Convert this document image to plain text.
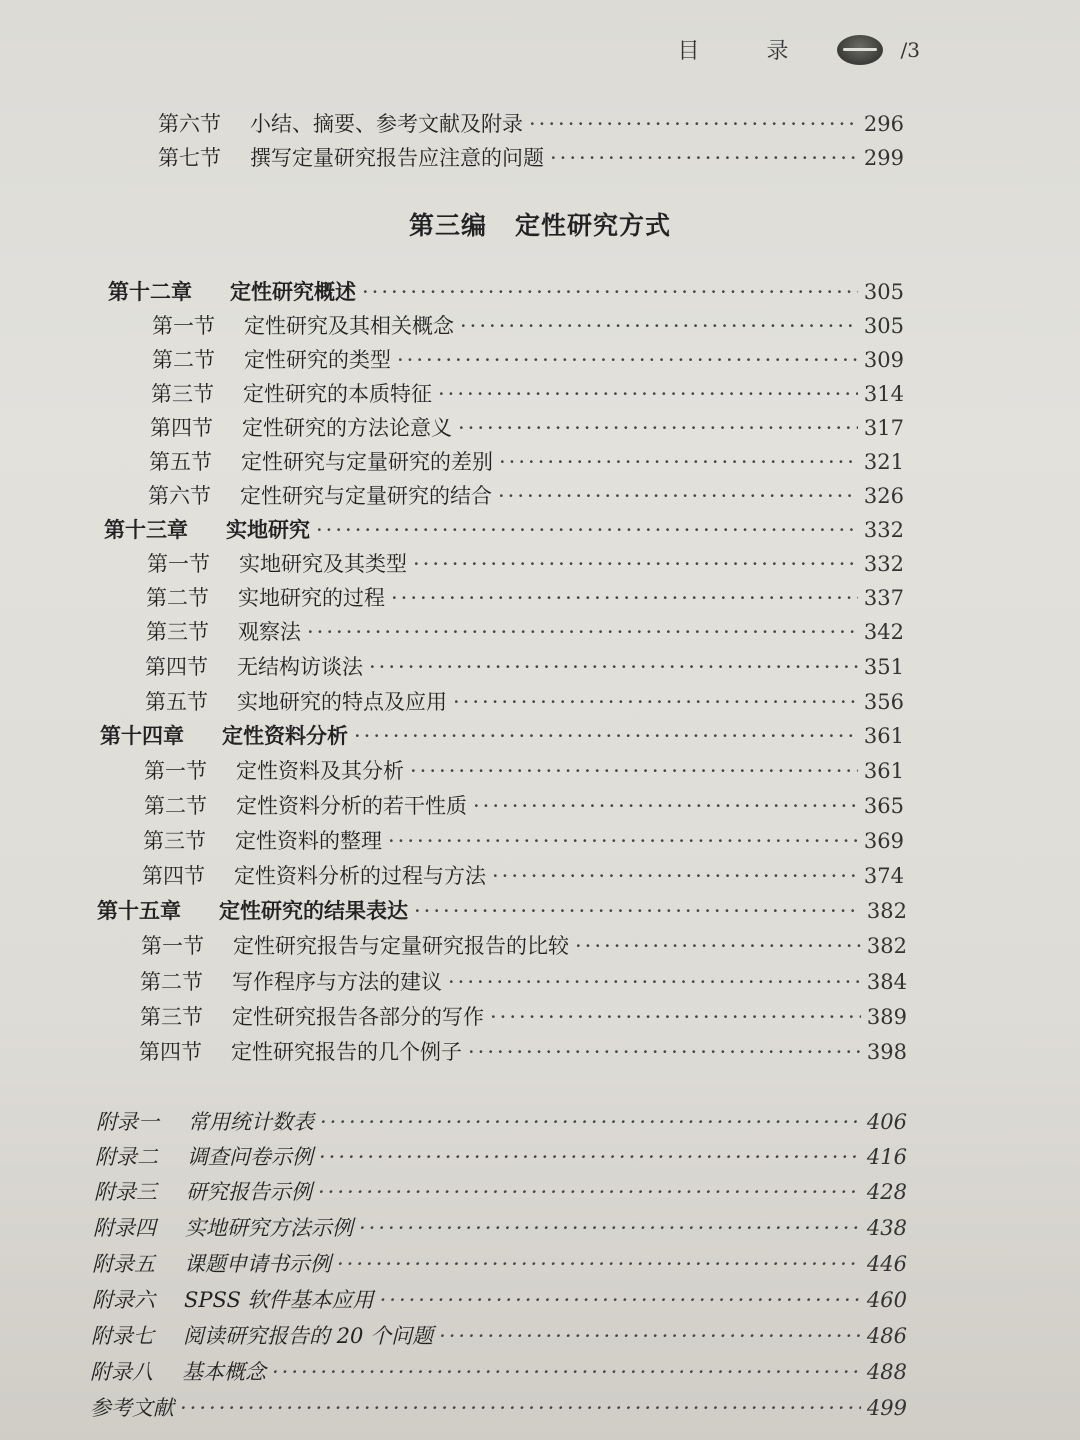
目 录	/3
第六节	小结、摘要、参考文献及附录 ·····	296
第七节	撰写定量研究报告应注意的问题 ·····	299
第三编 定性研究方式
第十二章	定性研究概述 ·····	305
第一节	定性研究及其相关概念 ·····	305
第二节	定性研究的类型 ·····	309
第三节	定性研究的本质特征 ·····	314
第四节	定性研究的方法论意义 ·····	317
第五节	定性研究与定量研究的差别 ·····	321
第六节	定性研究与定量研究的结合 ·····	326
第十三章	实地研究 ·····	332
第一节	实地研究及其类型 ·····	332
第二节	实地研究的过程 ·····	337
第三节	观察法 ·····	342
第四节	无结构访谈法 ·····	351
第五节	实地研究的特点及应用 ·····	356
第十四章	定性资料分析 ·····	361
第一节	定性资料及其分析 ·····	361
第二节	定性资料分析的若干性质 ·····	365
第三节	定性资料的整理 ·····	369
第四节	定性资料分析的过程与方法 ·····	374
第十五章	定性研究的结果表达 ·····	382
第一节	定性研究报告与定量研究报告的比较 ·····	382
第二节	写作程序与方法的建议 ·····	384
第三节	定性研究报告各部分的写作 ·····	389
第四节	定性研究报告的几个例子 ·····	398
附录一	常用统计数表 ·····	406
附录二	调查问卷示例 ·····	416
附录三	研究报告示例 ·····	428
附录四	实地研究方法示例 ·····	438
附录五	课题申请书示例 ·····	446
附录六	SPSS 软件基本应用 ·····	460
附录七	阅读研究报告的 20 个问题 ·····	486
附录八	基本概念 ·····	488
参考文献 ·····	499
